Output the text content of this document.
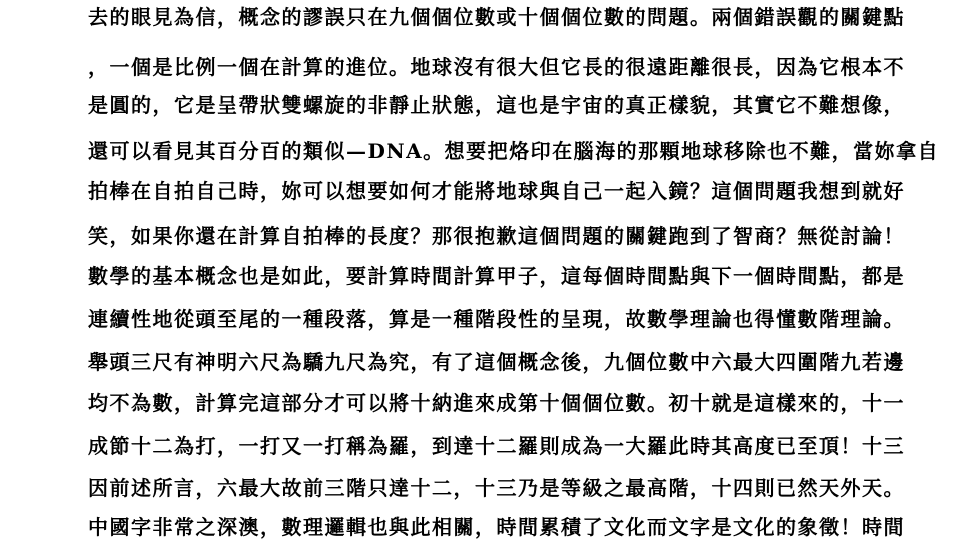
去的眼見為信，概念的謬誤只在九個個位數或十個個位數的問題。兩個錯誤觀的關鍵點
，一個是比例一個在計算的進位。地球沒有很大但它長的很遠距離很長，因為它根本不
是圓的，它是呈帶狀雙螺旋的非靜止狀態，這也是宇宙的真正樣貌，其實它不難想像，
還可以看見其百分百的類似—DNA。想要把烙印在腦海的那顆地球移除也不難，當妳拿自
拍棒在自拍自己時，妳可以想要如何才能將地球與自己一起入鏡？這個問題我想到就好
笑，如果你還在計算自拍棒的長度？那很抱歉這個問題的關鍵跑到了智商？無從討論！
數學的基本概念也是如此，要計算時間計算甲子，這每個時間點與下一個時間點，都是
連續性地從頭至尾的一種段落，算是一種階段性的呈現，故數學理論也得懂數階理論。
舉頭三尺有神明六尺為驕九尺為究，有了這個概念後，九個位數中六最大四圍階九若邊
均不為數，計算完這部分才可以將十納進來成第十個個位數。初十就是這樣來的，十一
成節十二為打，一打又一打稱為羅，到達十二羅則成為一大羅此時其高度已至頂！十三
因前述所言，六最大故前三階只達十二，十三乃是等級之最高階，十四則已然天外天。
中國字非常之深澳，數理邏輯也與此相關，時間累積了文化而文字是文化的象徵！時間
